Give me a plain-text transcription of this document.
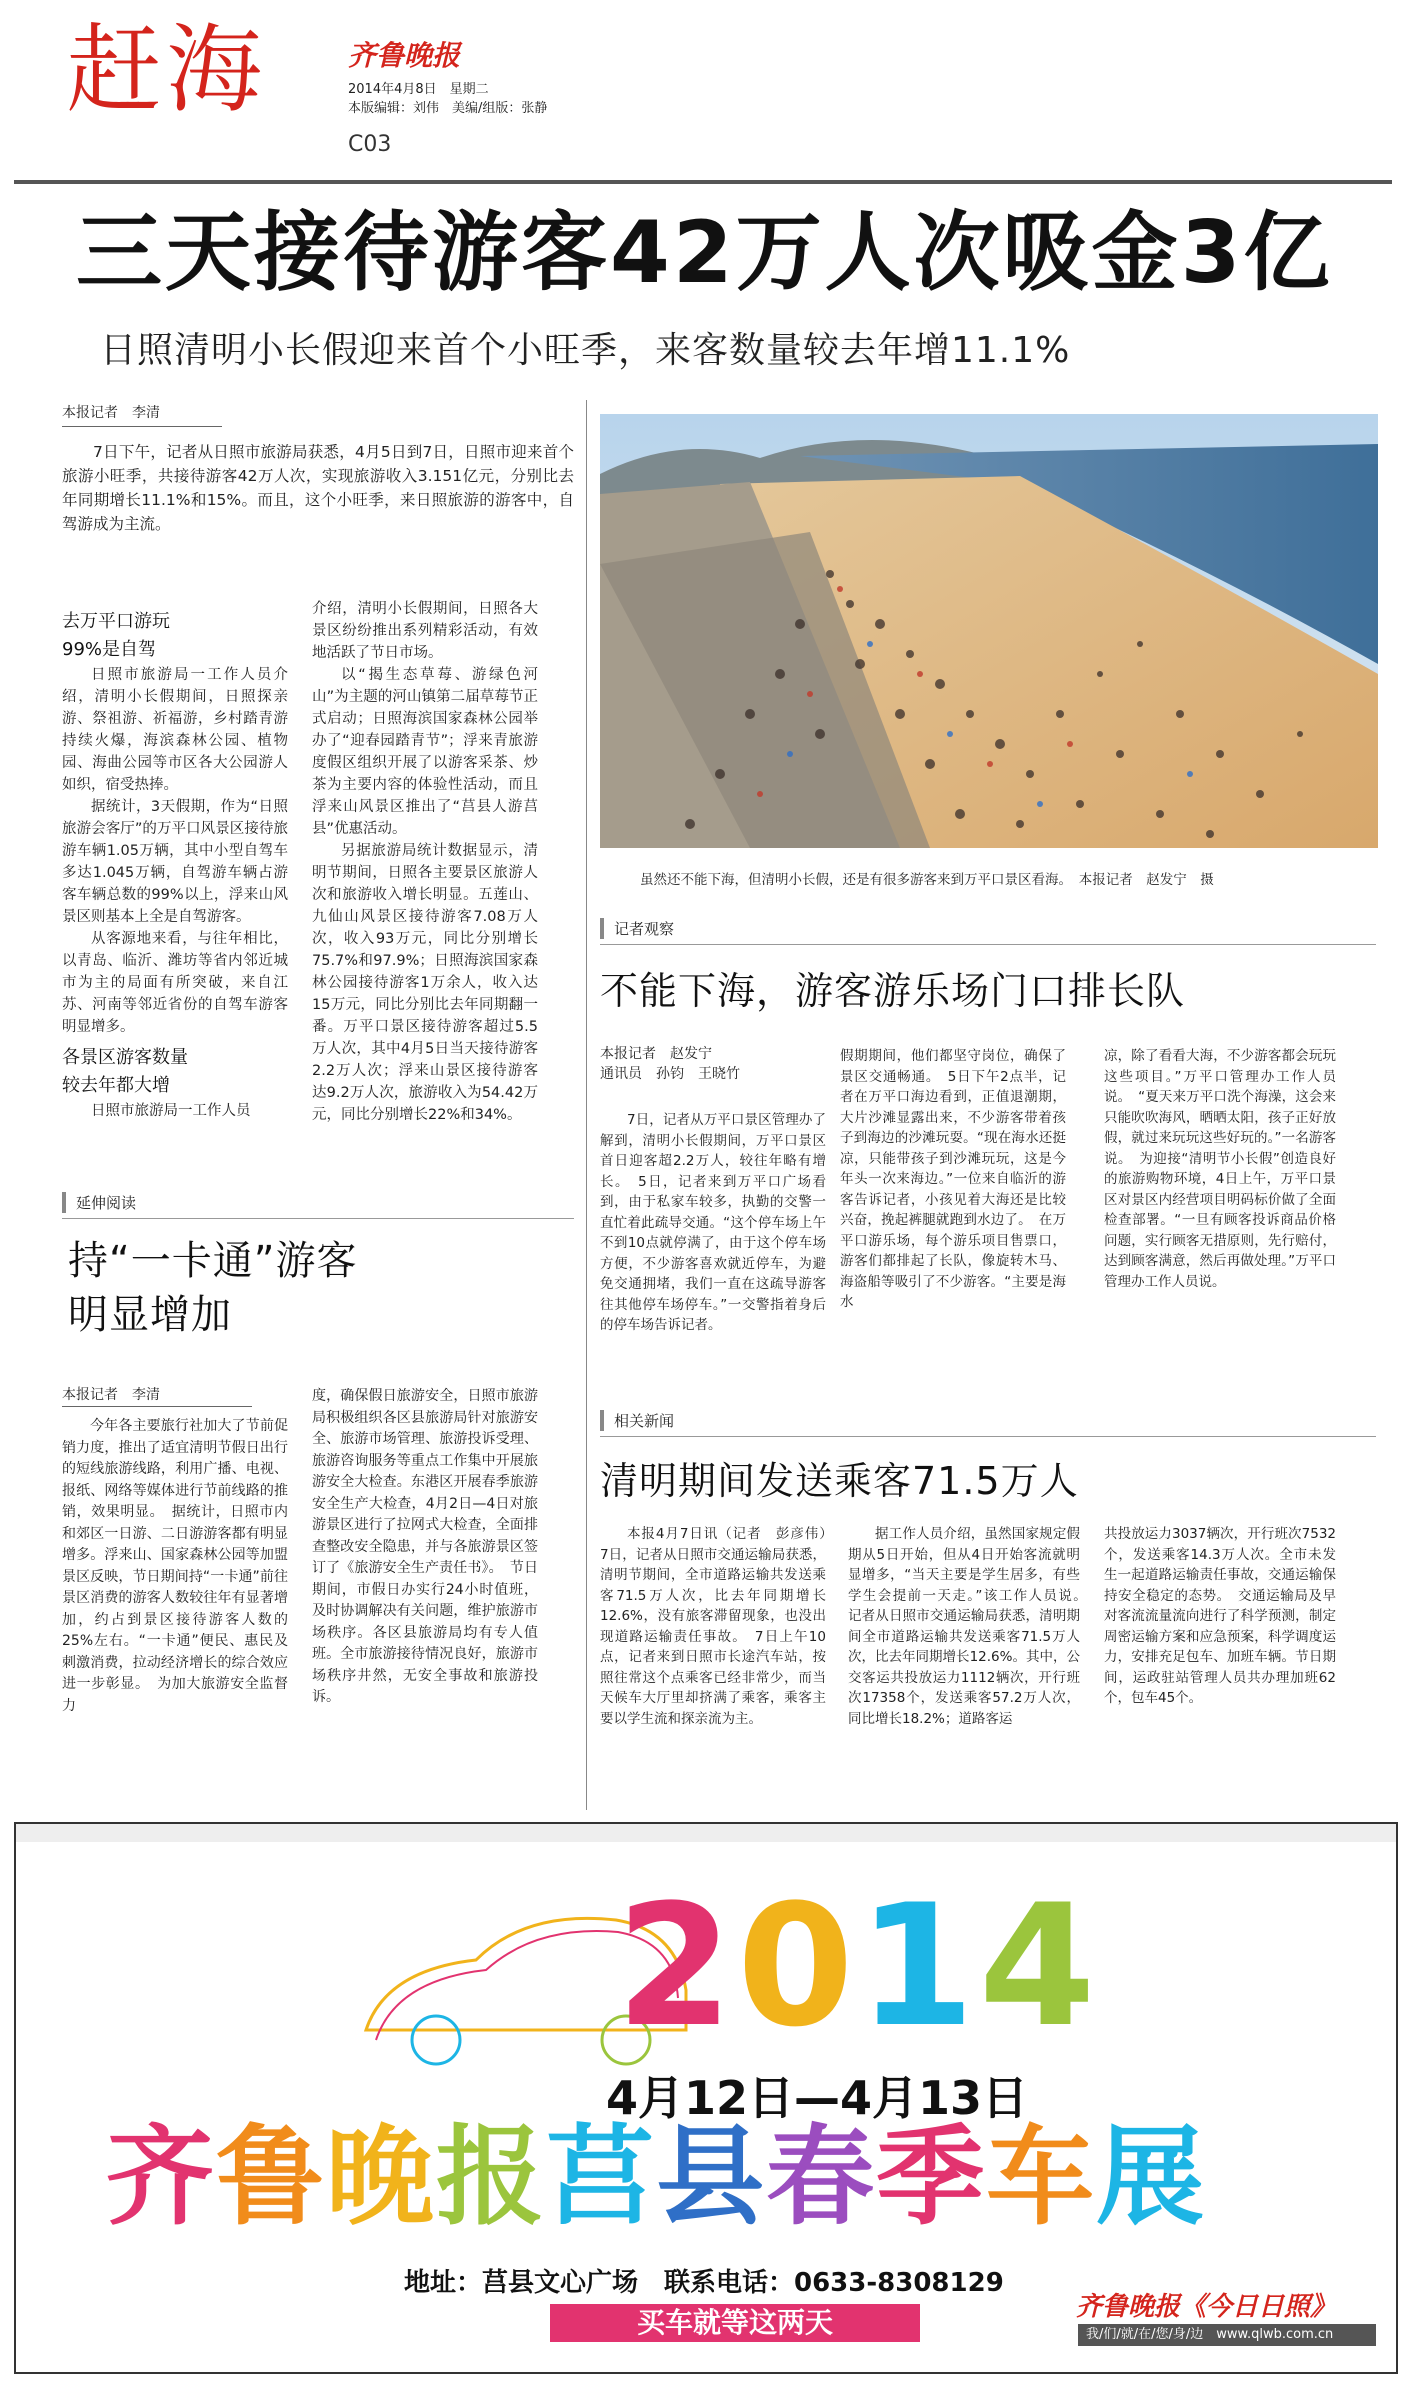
赶海	齐鲁晚报
2014年4月8日　星期二
本版编辑：刘伟　美编/组版：张静
C03
三天接待游客42万人次吸金3亿
日照清明小长假迎来首个小旺季，来客数量较去年增11.1%
本报记者　李清

7日下午，记者从日照市旅游局获悉，4月5日到7日，日照市迎来首个旅游小旺季，共接待游客42万人次，实现旅游收入3.151亿元，分别比去年同期增长11.1%和15%。而且，这个小旺季，来日照旅游的游客中，自驾游成为主流。

去万平口游玩
99%是自驾

日照市旅游局一工作人员介绍，清明小长假期间，日照探亲游、祭祖游、祈福游，乡村踏青游持续火爆，海滨森林公园、植物园、海曲公园等市区各大公园游人如织，宿受热捧。

据统计，3天假期，作为“日照旅游会客厅”的万平口风景区接待旅游车辆1.05万辆，其中小型自驾车多达1.045万辆，自驾游车辆占游客车辆总数的99%以上，浮来山风景区则基本上全是自驾游客。

从客源地来看，与往年相比，以青岛、临沂、潍坊等省内邻近城市为主的局面有所突破，来自江苏、河南等邻近省份的自驾车游客明显增多。

各景区游客数量
较去年都大增

日照市旅游局一工作人员

介绍，清明小长假期间，日照各大景区纷纷推出系列精彩活动，有效地活跃了节日市场。

以“揭生态草莓、游绿色河山”为主题的河山镇第二届草莓节正式启动；日照海滨国家森林公园举办了“迎春园踏青节”；浮来青旅游度假区组织开展了以游客采茶、炒茶为主要内容的体验性活动，而且浮来山风景区推出了“莒县人游莒县”优惠活动。

另据旅游局统计数据显示，清明节期间，日照各主要景区旅游人次和旅游收入增长明显。五莲山、九仙山风景区接待游客7.08万人次，收入93万元，同比分别增长75.7%和97.9%；日照海滨国家森林公园接待游客1万余人，收入达15万元，同比分别比去年同期翻一番。万平口景区接待游客超过5.5万人次，其中4月5日当天接待游客2.2万人次；浮来山景区接待游客达9.2万人次，旅游收入为54.42万元，同比分别增长22%和34%。

虽然还不能下海，但清明小长假，还是有很多游客来到万平口景区看海。　本报记者　赵发宁　摄
记者观察
不能下海，游客游乐场门口排长队
本报记者　赵发宁
通讯员　孙钧　王晓竹

7日，记者从万平口景区管理办了解到，清明小长假期间，万平口景区首日迎客超2.2万人，较往年略有增长。　5日，记者来到万平口广场看到，由于私家车较多，执勤的交警一直忙着此疏导交通。“这个停车场上午不到10点就停满了，由于这个停车场方便，不少游客喜欢就近停车，为避免交通拥堵，我们一直在这疏导游客往其他停车场停车。”一交警指着身后的停车场告诉记者。

假期期间，他们都坚守岗位，确保了景区交通畅通。　5日下午2点半，记者在万平口海边看到，正值退潮期，大片沙滩显露出来，不少游客带着孩子到海边的沙滩玩耍。“现在海水还挺凉，只能带孩子到沙滩玩玩，这是今年头一次来海边。”一位来自临沂的游客告诉记者，小孩见着大海还是比较兴奋，挽起裤腿就跑到水边了。　在万平口游乐场，每个游乐项目售票口，游客们都排起了长队，像旋转木马、海盗船等吸引了不少游客。“主要是海水

凉，除了看看大海，不少游客都会玩玩这些项目。”万平口管理办工作人员说。　“夏天来万平口洗个海澡，这会来只能吹吹海风，晒晒太阳，孩子正好放假，就过来玩玩这些好玩的。”一名游客说。　为迎接“清明节小长假”创造良好的旅游购物环境，4日上午，万平口景区对景区内经营项目明码标价做了全面检查部署。“一旦有顾客投诉商品价格问题，实行顾客无措原则，先行赔付，达到顾客满意，然后再做处理。”万平口管理办工作人员说。

延伸阅读
持“一卡通”游客
明显增加
本报记者　李清

今年各主要旅行社加大了节前促销力度，推出了适宜清明节假日出行的短线旅游线路，利用广播、电视、报纸、网络等媒体进行节前线路的推销，效果明显。　据统计，日照市内和郊区一日游、二日游游客都有明显增多。浮来山、国家森林公园等加盟景区反映，节日期间持“一卡通”前往景区消费的游客人数较往年有显著增加，约占到景区接待游客人数的25%左右。“一卡通”便民、惠民及刺激消费，拉动经济增长的综合效应进一步彰显。　为加大旅游安全监督力

度，确保假日旅游安全，日照市旅游局积极组织各区县旅游局针对旅游安全、旅游市场管理、旅游投诉受理、旅游咨询服务等重点工作集中开展旅游安全大检查。东港区开展春季旅游安全生产大检查，4月2日—4日对旅游景区进行了拉网式大检查，全面排查整改安全隐患，并与各旅游景区签订了《旅游安全生产责任书》。　节日期间，市假日办实行24小时值班，及时协调解决有关问题，维护旅游市场秩序。各区县旅游局均有专人值班。全市旅游接待情况良好，旅游市场秩序井然，无安全事故和旅游投诉。

相关新闻
清明期间发送乘客71.5万人

本报4月7日讯（记者　彭彦伟）　7日，记者从日照市交通运输局获悉，清明节期间，全市道路运输共发送乘客71.5万人次，比去年同期增长12.6%，没有旅客滞留现象，也没出现道路运输责任事故。　7日上午10点，记者来到日照市长途汽车站，按照往常这个点乘客已经非常少，而当天候车大厅里却挤满了乘客，乘客主要以学生流和探亲流为主。

据工作人员介绍，虽然国家规定假期从5日开始，但从4日开始客流就明显增多，“当天主要是学生居多，有些学生会提前一天走。”该工作人员说。　记者从日照市交通运输局获悉，清明期间全市道路运输共发送乘客71.5万人次，比去年同期增长12.6%。其中，公交客运共投放运力1112辆次，开行班次17358个，发送乘客57.2万人次，同比增长18.2%；道路客运

共投放运力3037辆次，开行班次7532个，发送乘客14.3万人次。全市未发生一起道路运输责任事故，交通运输保持安全稳定的态势。　交通运输局及早对客流流量流向进行了科学预测，制定周密运输方案和应急预案，科学调度运力，安排充足包车、加班车辆。节日期间，运政驻站管理人员共办理加班62个，包车45个。

2014
4月12日—4月13日
齐鲁晚报莒县春季车展
地址：莒县文心广场　联系电话：0633-8308129
买车就等这两天	齐鲁晚报《今日日照》
我/们/就/在/您/身/边　www.qlwb.com.cn
